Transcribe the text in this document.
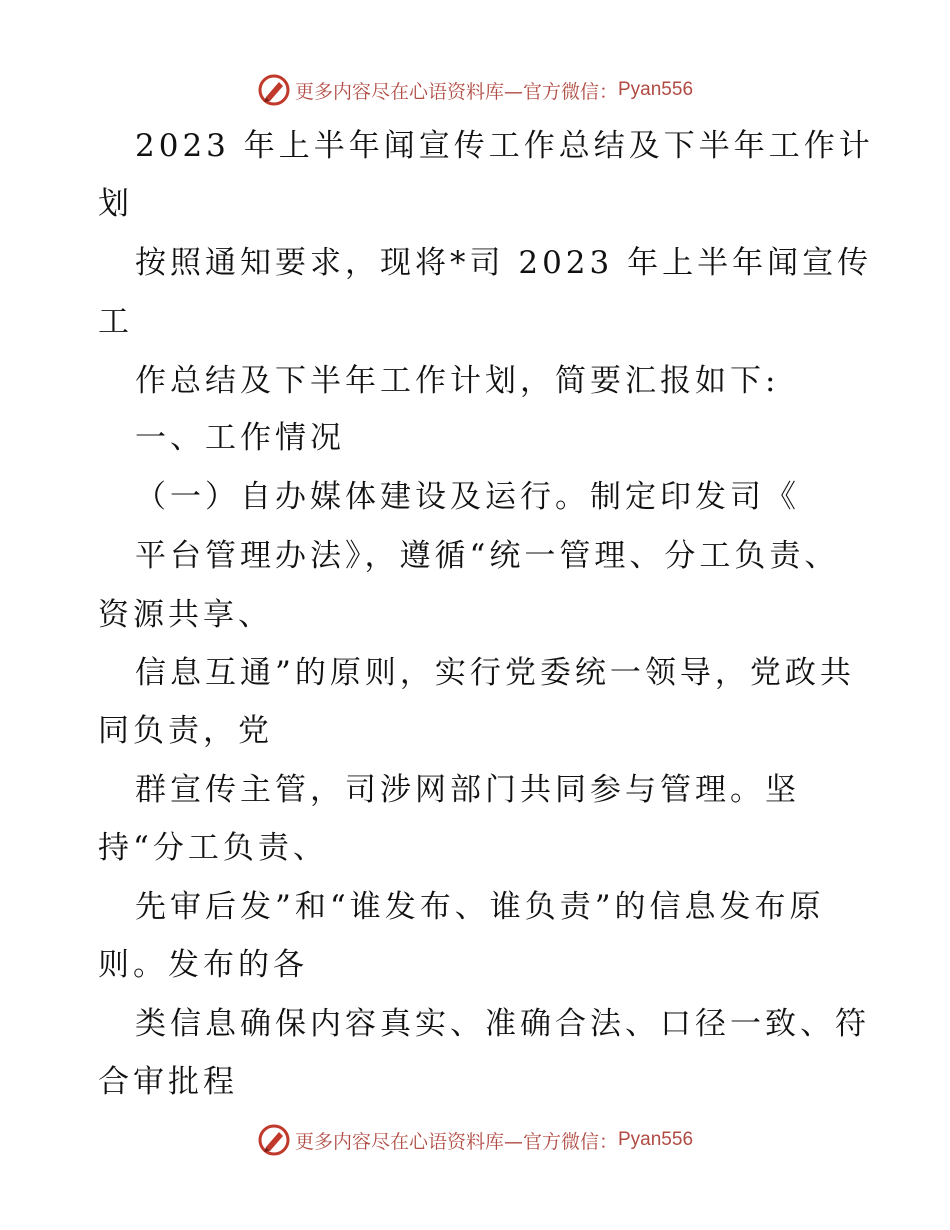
更多内容尽在心语资料库—官方微信： Pyan556
2023 年上半年闻宣传工作总结及下半年工作计
划
按照通知要求，现将*司 2023 年上半年闻宣传
工
作总结及下半年工作计划，简要汇报如下:
一、工作情况
（一）自办媒体建设及运行。制定印发司《
平台管理办法》，遵循“统一管理、分工负责、
资源共享、
信息互通”的原则，实行党委统一领导，党政共
同负责，党
群宣传主管，司涉网部门共同参与管理。坚
持“分工负责、
先审后发”和“谁发布、谁负责”的信息发布原
则。发布的各
类信息确保内容真实、准确合法、口径一致、符
合审批程
更多内容尽在心语资料库—官方微信： Pyan556
